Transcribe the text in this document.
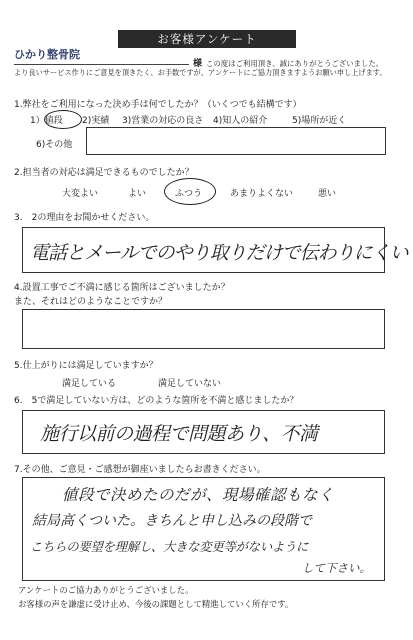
お客様アンケート
ひかり整骨院
様 この度はご利用頂き、誠にありがとうございました。
より良いサービス作りにご意見を頂きたく、お手数ですが、アンケートにご協力頂きますようお願い申し上げます。
1.弊社をご利用になった決め手は何でしたか？（いくつでも結構です）
1）値段 2)実績 3)営業の対応の良さ 4)知人の紹介	5)場所が近く
6)その他
2.担当者の対応は満足できるものでしたか？
大変よい	よい	ふつう	あまりよくない	悪い
3.　2の理由をお聞かせください。
電話とメールでのやり取りだけで伝わりにくい
4.設置工事でご不満に感じる箇所はございましたか？
また、それはどのようなことですか？
5.仕上がりには満足していますか？
満足している	満足していない
6.　5で満足していない方は、どのような箇所を不満と感じましたか？
施行以前の過程で問題あり、不満
7.その他、ご意見・ご感想が御座いましたらお書きください。
値段で決めたのだが、現場確認もなく
結局高くついた。きちんと申し込みの段階で
こちらの要望を理解し、大きな変更等がないように
して下さい。
アンケートのご協力ありがとうございました。
お客様の声を謙虚に受け止め、今後の課題として精進していく所存です。
